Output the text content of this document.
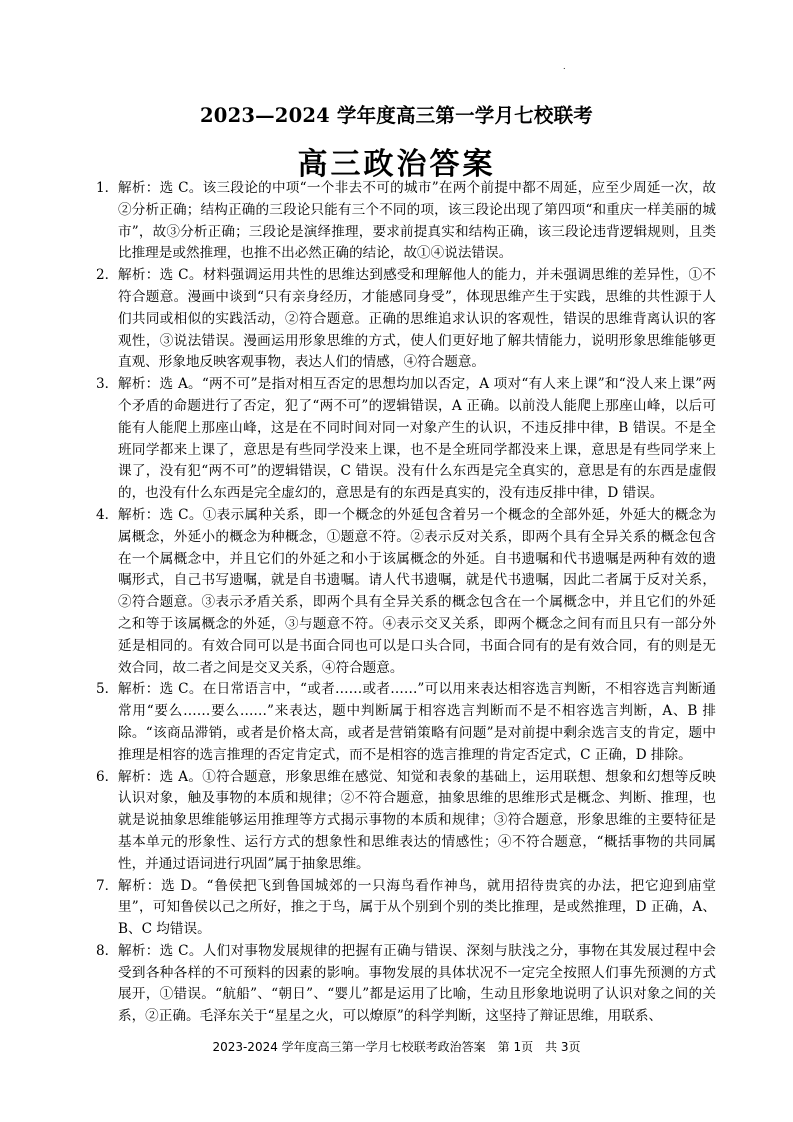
.
2023—2024 学年度高三第一学月七校联考
高三政治答案
1． 解析：选 C。该三段论的中项“一个非去不可的城市”在两个前提中都不周延，应至少周延一次，故②分析正确；结构正确的三段论只能有三个不同的项，该三段论出现了第四项“和重庆一样美丽的城市”，故③分析正确；三段论是演绎推理，要求前提真实和结构正确，该三段论违背逻辑规则，且类比推理是或然推理，也推不出必然正确的结论，故①④说法错误。
2． 解析：选 C。材料强调运用共性的思维达到感受和理解他人的能力，并未强调思维的差异性，①不符合题意。漫画中谈到“只有亲身经历，才能感同身受”，体现思维产生于实践，思维的共性源于人们共同或相似的实践活动，②符合题意。正确的思维追求认识的客观性，错误的思维背离认识的客观性，③说法错误。漫画运用形象思维的方式，使人们更好地了解共情能力，说明形象思维能够更直观、形象地反映客观事物，表达人们的情感，④符合题意。
3． 解析：选 A。“两不可”是指对相互否定的思想均加以否定，A 项对“有人来上课”和“没人来上课”两个矛盾的命题进行了否定，犯了“两不可”的逻辑错误，A 正确。以前没人能爬上那座山峰，以后可能有人能爬上那座山峰，这是在不同时间对同一对象产生的认识，不违反排中律，B 错误。不是全班同学都来上课了，意思是有些同学没来上课，也不是全班同学都没来上课，意思是有些同学来上课了，没有犯“两不可”的逻辑错误，C 错误。没有什么东西是完全真实的，意思是有的东西是虚假的，也没有什么东西是完全虚幻的，意思是有的东西是真实的，没有违反排中律，D 错误。
4． 解析：选 C。①表示属种关系，即一个概念的外延包含着另一个概念的全部外延，外延大的概念为属概念，外延小的概念为种概念，①题意不符。②表示反对关系，即两个具有全异关系的概念包含在一个属概念中，并且它们的外延之和小于该属概念的外延。自书遗嘱和代书遗嘱是两种有效的遗嘱形式，自己书写遗嘱，就是自书遗嘱。请人代书遗嘱，就是代书遗嘱，因此二者属于反对关系，②符合题意。③表示矛盾关系，即两个具有全异关系的概念包含在一个属概念中，并且它们的外延之和等于该属概念的外延，③与题意不符。④表示交叉关系，即两个概念之间有而且只有一部分外延是相同的。有效合同可以是书面合同也可以是口头合同，书面合同有的是有效合同，有的则是无效合同，故二者之间是交叉关系，④符合题意。
5． 解析：选 C。在日常语言中，“或者……或者……”可以用来表达相容选言判断，不相容选言判断通常用“要么……要么……”来表达，题中判断属于相容选言判断而不是不相容选言判断，A、B 排除。“该商品滞销，或者是价格太高，或者是营销策略有问题”是对前提中剩余选言支的肯定，题中推理是相容的选言推理的否定肯定式，而不是相容的选言推理的肯定否定式，C 正确，D 排除。
6． 解析：选 A。①符合题意，形象思维在感觉、知觉和表象的基础上，运用联想、想象和幻想等反映认识对象，触及事物的本质和规律；②不符合题意，抽象思维的思维形式是概念、判断、推理，也就是说抽象思维能够运用推理等方式揭示事物的本质和规律；③符合题意，形象思维的主要特征是基本单元的形象性、运行方式的想象性和思维表达的情感性；④不符合题意，“概括事物的共同属性，并通过语词进行巩固”属于抽象思维。
7． 解析：选 D。“鲁侯把飞到鲁国城郊的一只海鸟看作神鸟，就用招待贵宾的办法，把它迎到庙堂里”，可知鲁侯以己之所好，推之于鸟，属于从个别到个别的类比推理，是或然推理，D 正确，A、B、C 均错误。
8． 解析：选 C。人们对事物发展规律的把握有正确与错误、深刻与肤浅之分，事物在其发展过程中会受到各种各样的不可预料的因素的影响。事物发展的具体状况不一定完全按照人们事先预测的方式展开，①错误。“航船”、“朝日”、“婴儿”都是运用了比喻，生动且形象地说明了认识对象之间的关系，②正确。毛泽东关于“星星之火，可以燎原”的科学判断，这坚持了辩证思维，用联系、
2023-2024 学年度高三第一学月七校联考政治答案　第 1页　共 3页
